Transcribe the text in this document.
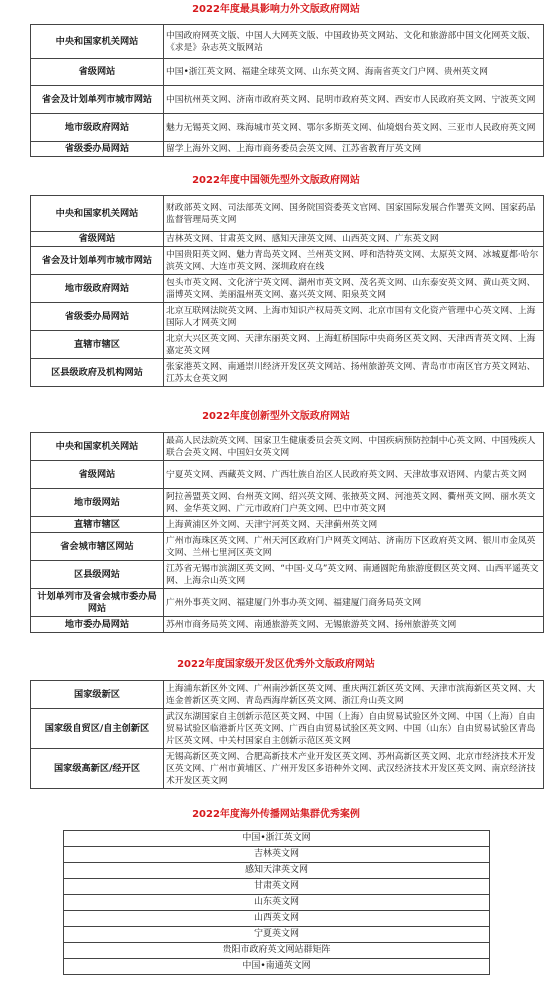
2022年度最具影响力外文版政府网站
中央和国家机关网站	中国政府网英文版、中国人大网英文版、中国政协英文网站、文化和旅游部中国文化网英文版、《求是》杂志英文版网站
省级网站	中国•浙江英文网、福建全球英文网、山东英文网、海南省英文门户网、贵州英文网
省会及计划单列市城市网站	中国杭州英文网、济南市政府英文网、昆明市政府英文网、西安市人民政府英文网、宁波英文网
地市级政府网站	魅力无锡英文网、珠海城市英文网、鄂尔多斯英文网、仙境烟台英文网、三亚市人民政府英文网
省级委办局网站	留学上海外文网、上海市商务委员会英文网、江苏省教育厅英文网
2022年度中国领先型外文版政府网站
中央和国家机关网站	财政部英文网、司法部英文网、国务院国资委英文官网、国家国际发展合作署英文网、国家药品监督管理局英文网
省级网站	吉林英文网、甘肃英文网、感知天津英文网、山西英文网、广东英文网
省会及计划单列市城市网站	中国贵阳英文网、魅力青岛英文网、兰州英文网、呼和浩特英文网、太原英文网、冰城夏都·哈尔滨英文网、大连市英文网、深圳政府在线
地市级政府网站	包头市英文网、文化济宁英文网、湖州市英文网、茂名英文网、山东泰安英文网、黄山英文网、淄博英文网、美丽温州英文网、嘉兴英文网、阳泉英文网
省级委办局网站	北京互联网法院英文网、上海市知识产权局英文网、北京市国有文化资产管理中心英文网、上海国际人才网英文网
直辖市辖区	北京大兴区英文网、天津东丽英文网、上海虹桥国际中央商务区英文网、天津西青英文网、上海嘉定英文网
区县级政府及机构网站	张家港英文网、南通崇川经济开发区英文网站、扬州旅游英文网、青岛市市南区官方英文网站、江苏太仓英文网
2022年度创新型外文版政府网站
中央和国家机关网站	最高人民法院英文网、国家卫生健康委员会英文网、中国疾病预防控制中心英文网、中国残疾人联合会英文网、中国妇女英文网
省级网站	宁夏英文网、西藏英文网、广西壮族自治区人民政府英文网、天津故事双语网、内蒙古英文网
地市级网站	阿拉善盟英文网、台州英文网、绍兴英文网、张掖英文网、河池英文网、衢州英文网、丽水英文网、金华英文网、广元市政府门户英文网、巴中市英文网
直辖市辖区	上海黄浦区外文网、天津宁河英文网、天津蓟州英文网
省会城市辖区网站	广州市海珠区英文网、广州天河区政府门户网英文网站、济南历下区政府英文网、银川市金凤英文网、兰州七里河区英文网
区县级网站	江苏省无锡市滨湖区英文网、“中国·义乌”英文网、南通圆陀角旅游度假区英文网、山西平遥英文网、上海佘山英文网
计划单列市及省会城市委办局网站	广州外事英文网、福建厦门外事办英文网、福建厦门商务局英文网
地市委办局网站	苏州市商务局英文网、南通旅游英文网、无锡旅游英文网、扬州旅游英文网
2022年度国家级开发区优秀外文版政府网站
国家级新区	上海浦东新区外文网、广州南沙新区英文网、重庆两江新区英文网、天津市滨海新区英文网、大连金普新区英文网、青岛西海岸新区英文网、浙江舟山英文网
国家级自贸区/自主创新区	武汉东湖国家自主创新示范区英文网、中国（上海）自由贸易试验区外文网、中国（上海）自由贸易试验区临港新片区英文网、广西自由贸易试验区英文网、中国（山东）自由贸易试验区青岛片区英文网、中关村国家自主创新示范区英文网
国家级高新区/经开区	无锡高新区英文网、合肥高新技术产业开发区英文网、苏州高新区英文网、北京市经济技术开发区英文网、广州市黄埔区、广州开发区多语种外文网、武汉经济技术开发区英文网、南京经济技术开发区英文网
2022年度海外传播网站集群优秀案例
中国•浙江英文网
吉林英文网
感知天津英文网
甘肃英文网
山东英文网
山西英文网
宁夏英文网
贵阳市政府英文网站群矩阵
中国•南通英文网
